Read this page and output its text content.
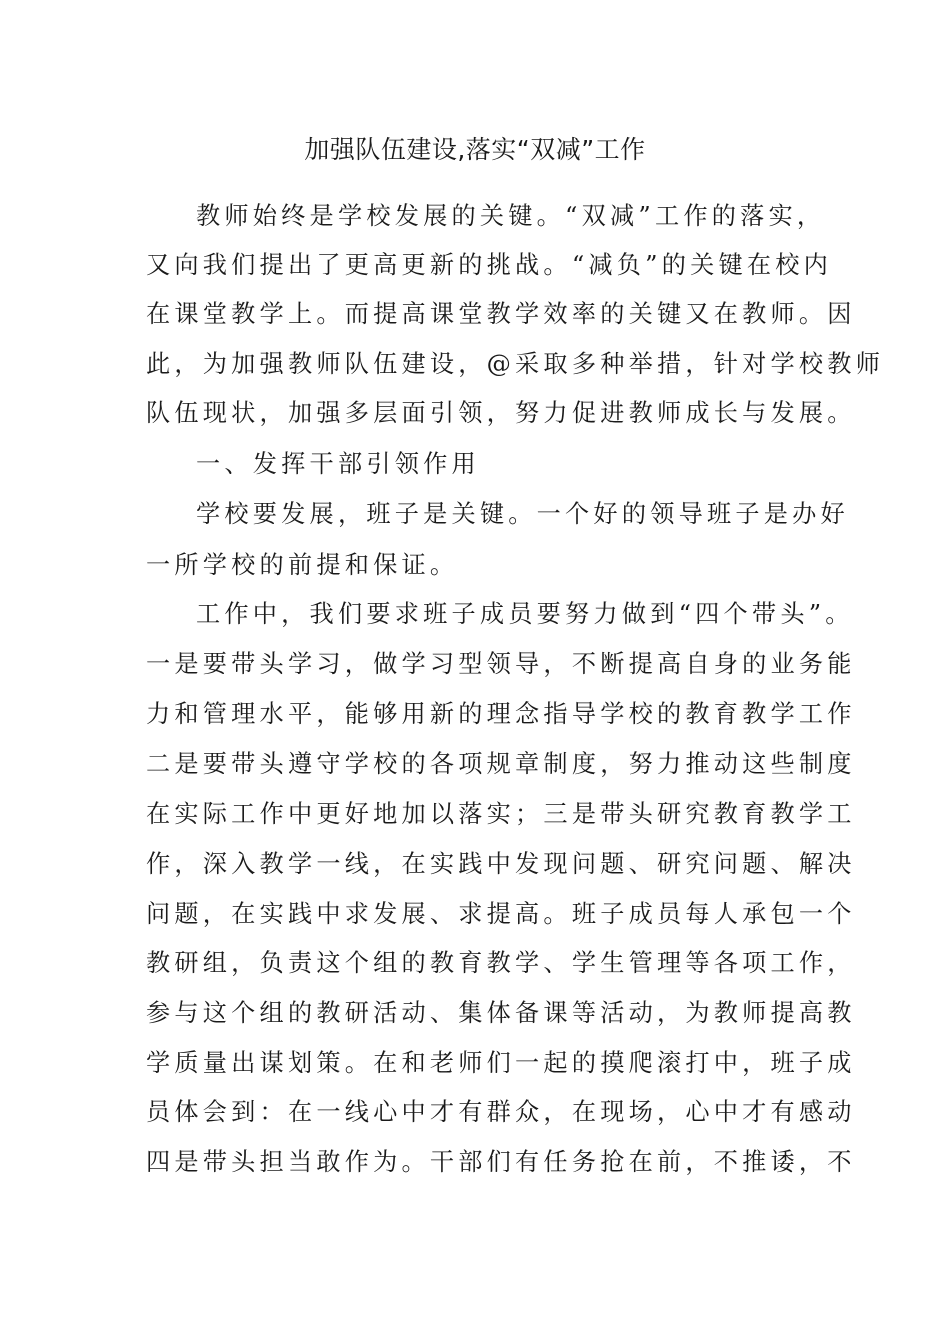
加强队伍建设,落实“双减”工作
教师始终是学校发展的关键。“双减”工作的落实，
又向我们提出了更高更新的挑战。“减负”的关键在校内
在课堂教学上。而提高课堂教学效率的关键又在教师。因
此，为加强教师队伍建设，@采取多种举措，针对学校教师
队伍现状，加强多层面引领，努力促进教师成长与发展。
一、发挥干部引领作用
学校要发展，班子是关键。一个好的领导班子是办好
一所学校的前提和保证。
工作中，我们要求班子成员要努力做到“四个带头”。
一是要带头学习，做学习型领导，不断提高自身的业务能
力和管理水平，能够用新的理念指导学校的教育教学工作
二是要带头遵守学校的各项规章制度，努力推动这些制度
在实际工作中更好地加以落实；三是带头研究教育教学工
作，深入教学一线，在实践中发现问题、研究问题、解决
问题，在实践中求发展、求提高。班子成员每人承包一个
教研组，负责这个组的教育教学、学生管理等各项工作，
参与这个组的教研活动、集体备课等活动，为教师提高教
学质量出谋划策。在和老师们一起的摸爬滚打中，班子成
员体会到：在一线心中才有群众，在现场，心中才有感动
四是带头担当敢作为。干部们有任务抢在前，不推诿，不
